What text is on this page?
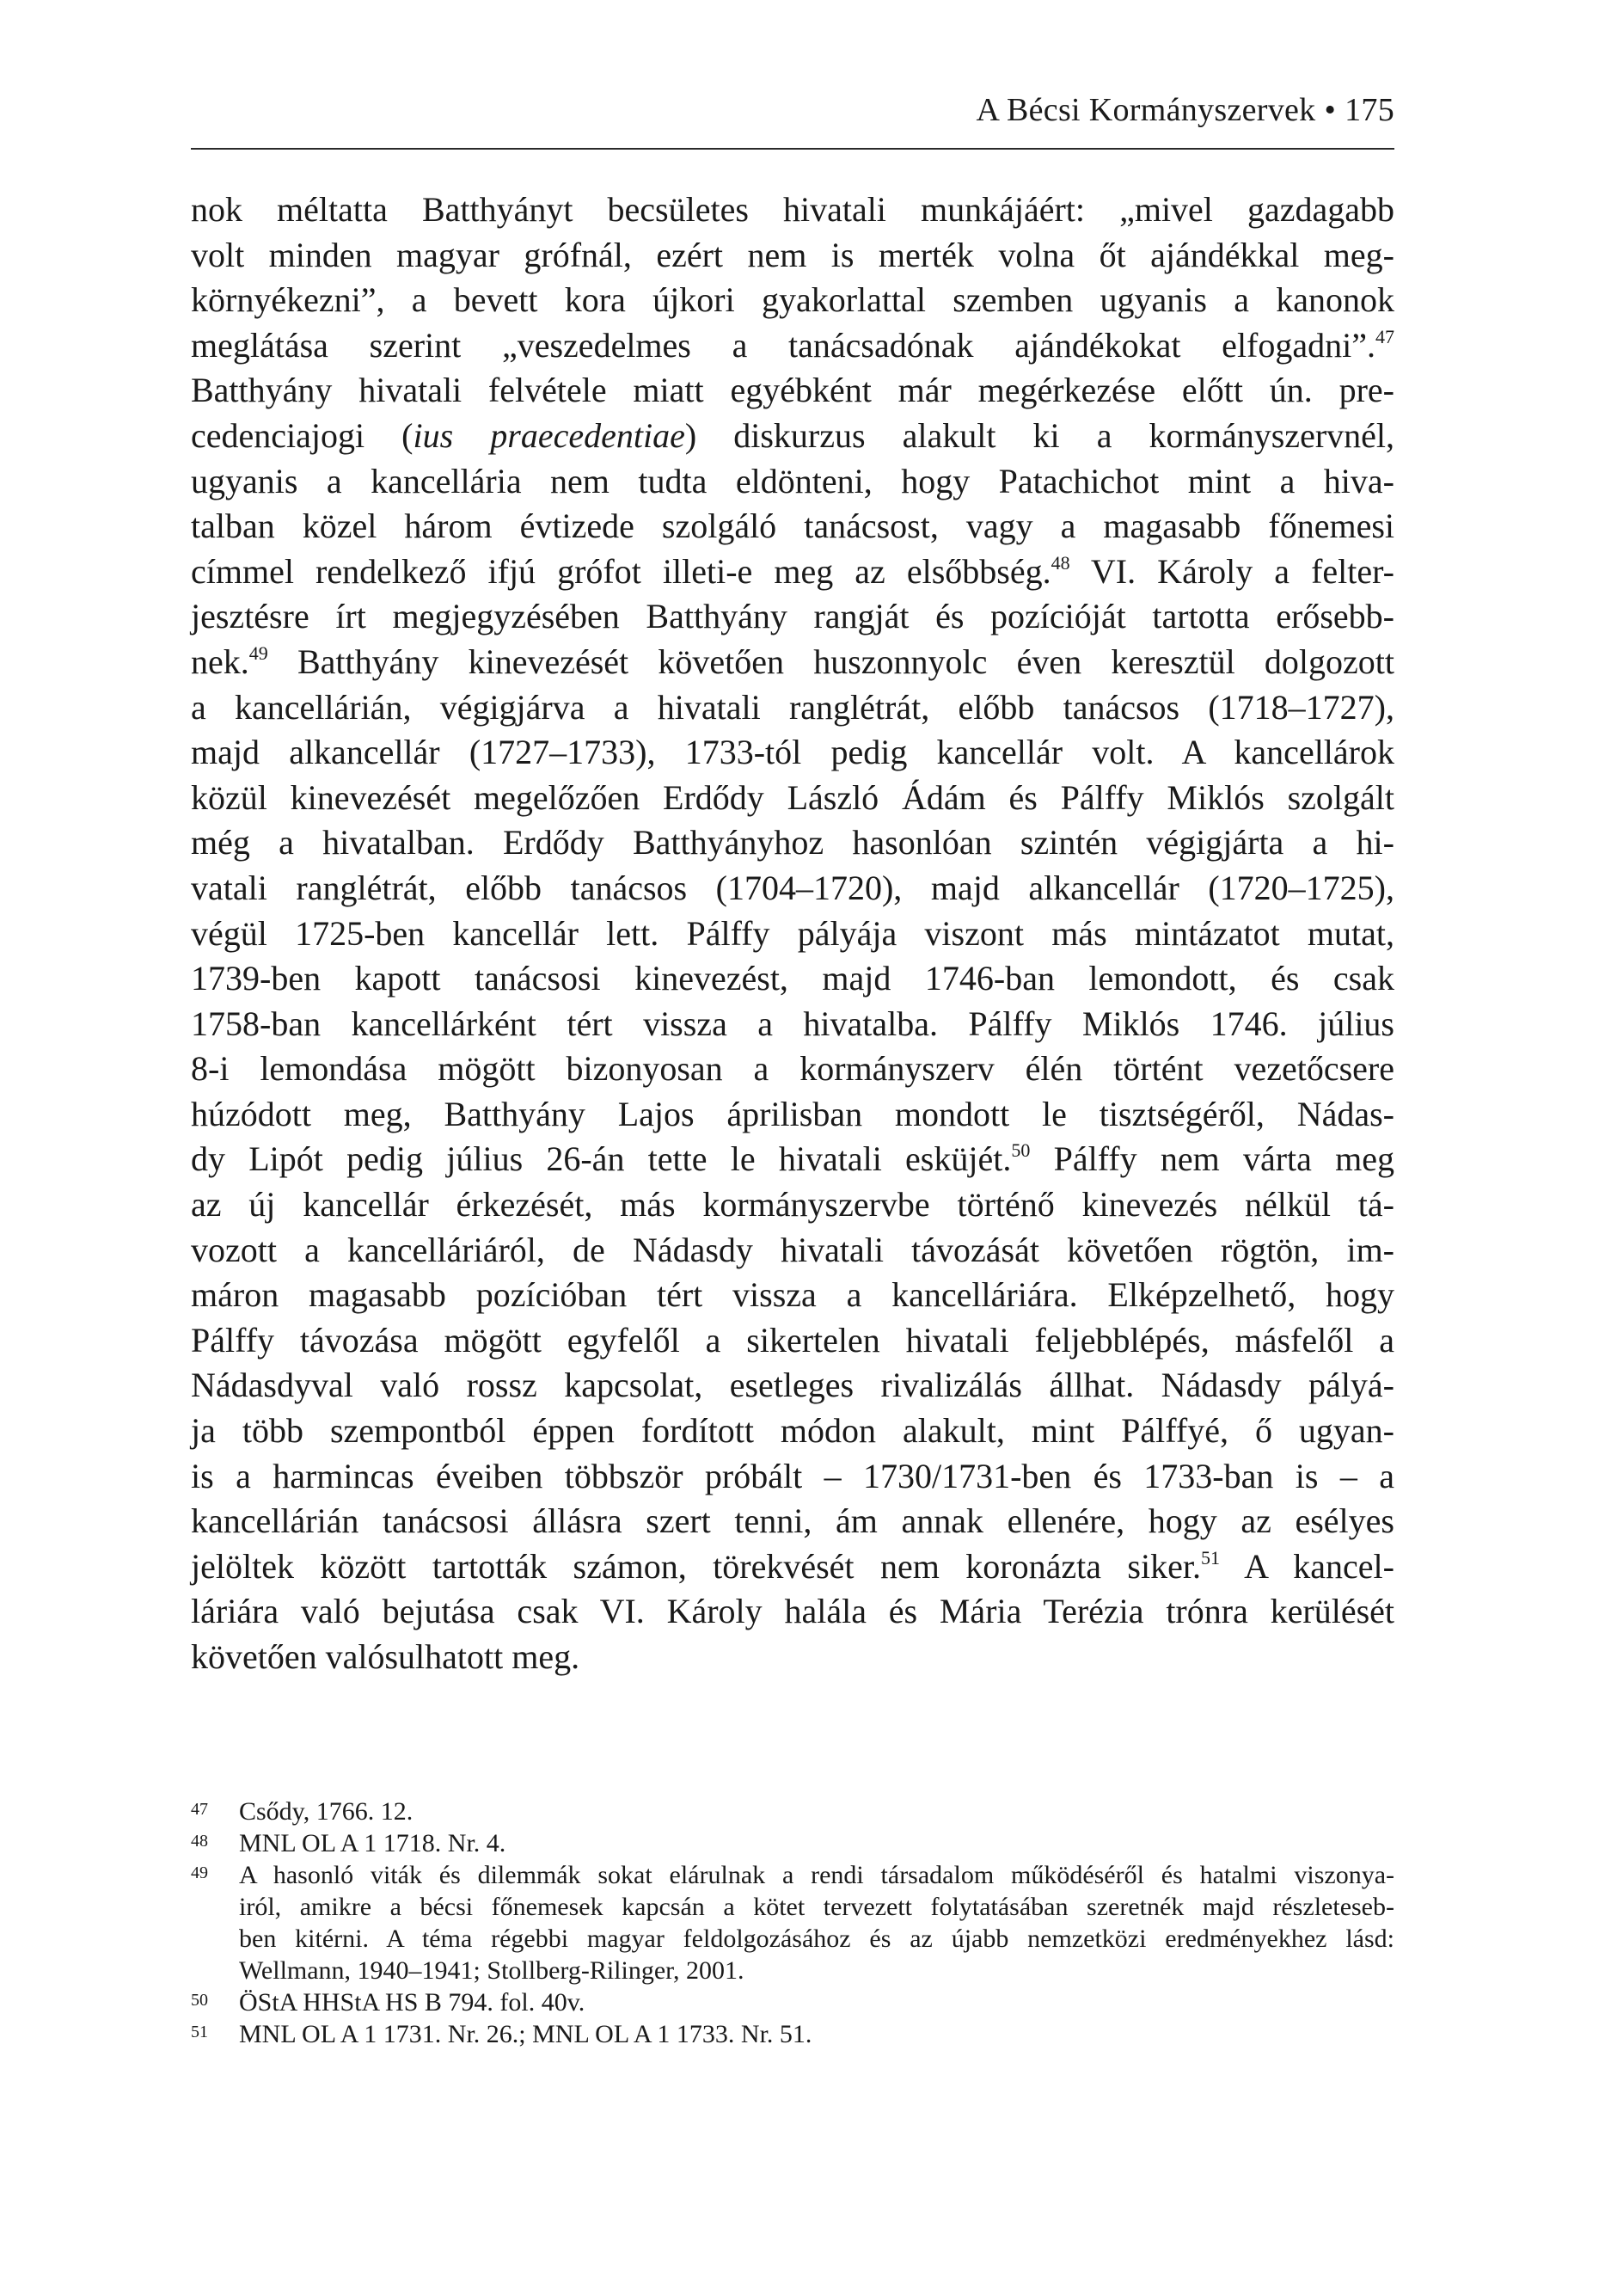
A Bécsi Kormányszervek • 175
nok méltatta Batthyányt becsületes hivatali munkájáért: „mivel gazdagabb
volt minden magyar grófnál, ezért nem is merték volna őt ajándékkal meg-
környékezni”, a bevett kora újkori gyakorlattal szemben ugyanis a kanonok
meglátása szerint „veszedelmes a tanácsadónak ajándékokat elfogadni”.$^{47}$
Batthyány hivatali felvétele miatt egyébként már megérkezése előtt ún. pre-
cedenciajogi (ius praecedentiae) diskurzus alakult ki a kormányszervnél,
ugyanis a kancellária nem tudta eldönteni, hogy Patachichot mint a hiva-
talban közel három évtizede szolgáló tanácsost, vagy a magasabb főnemesi
címmel rendelkező ifjú grófot illeti-e meg az elsőbbség.$^{48}$ VI. Károly a felter-
jesztésre írt megjegyzésében Batthyány rangját és pozícióját tartotta erősebb-
nek.$^{49}$ Batthyány kinevezését követően huszonnyolc éven keresztül dolgozott
a kancellárián, végigjárva a hivatali ranglétrát, előbb tanácsos (1718–1727),
majd alkancellár (1727–1733), 1733-tól pedig kancellár volt. A kancellárok
közül kinevezését megelőzően Erdődy László Ádám és Pálffy Miklós szolgált
még a hivatalban. Erdődy Batthyányhoz hasonlóan szintén végigjárta a hi-
vatali ranglétrát, előbb tanácsos (1704–1720), majd alkancellár (1720–1725),
végül 1725-ben kancellár lett. Pálffy pályája viszont más mintázatot mutat,
1739-ben kapott tanácsosi kinevezést, majd 1746-ban lemondott, és csak
1758-ban kancellárként tért vissza a hivatalba. Pálffy Miklós 1746. július
8-i lemondása mögött bizonyosan a kormányszerv élén történt vezetőcsere
húzódott meg, Batthyány Lajos áprilisban mondott le tisztségéről, Nádas-
dy Lipót pedig július 26-án tette le hivatali esküjét.$^{50}$ Pálffy nem várta meg
az új kancellár érkezését, más kormányszervbe történő kinevezés nélkül tá-
vozott a kancelláriáról, de Nádasdy hivatali távozását követően rögtön, im-
máron magasabb pozícióban tért vissza a kancelláriára. Elképzelhető, hogy
Pálffy távozása mögött egyfelől a sikertelen hivatali feljebblépés, másfelől a
Nádasdyval való rossz kapcsolat, esetleges rivalizálás állhat. Nádasdy pályá-
ja több szempontból éppen fordított módon alakult, mint Pálffyé, ő ugyan-
is a harmincas éveiben többször próbált – 1730/1731-ben és 1733-ban is – a
kancellárián tanácsosi állásra szert tenni, ám annak ellenére, hogy az esélyes
jelöltek között tartották számon, törekvését nem koronázta siker.$^{51}$ A kancel-
láriára való bejutása csak VI. Károly halála és Mária Terézia trónra kerülését
követően valósulhatott meg.
47 Csődy, 1766. 12.
48 MNL OL A 1 1718. Nr. 4.
49 A hasonló viták és dilemmák sokat elárulnak a rendi társadalom működéséről és hatalmi viszonya-
iról, amikre a bécsi főnemesek kapcsán a kötet tervezett folytatásában szeretnék majd részleteseb-
ben kitérni. A téma régebbi magyar feldolgozásához és az újabb nemzetközi eredményekhez lásd:
Wellmann, 1940–1941; Stollberg-Rilinger, 2001.
50 ÖStA HHStA HS B 794. fol. 40v.
51 MNL OL A 1 1731. Nr. 26.; MNL OL A 1 1733. Nr. 51.
